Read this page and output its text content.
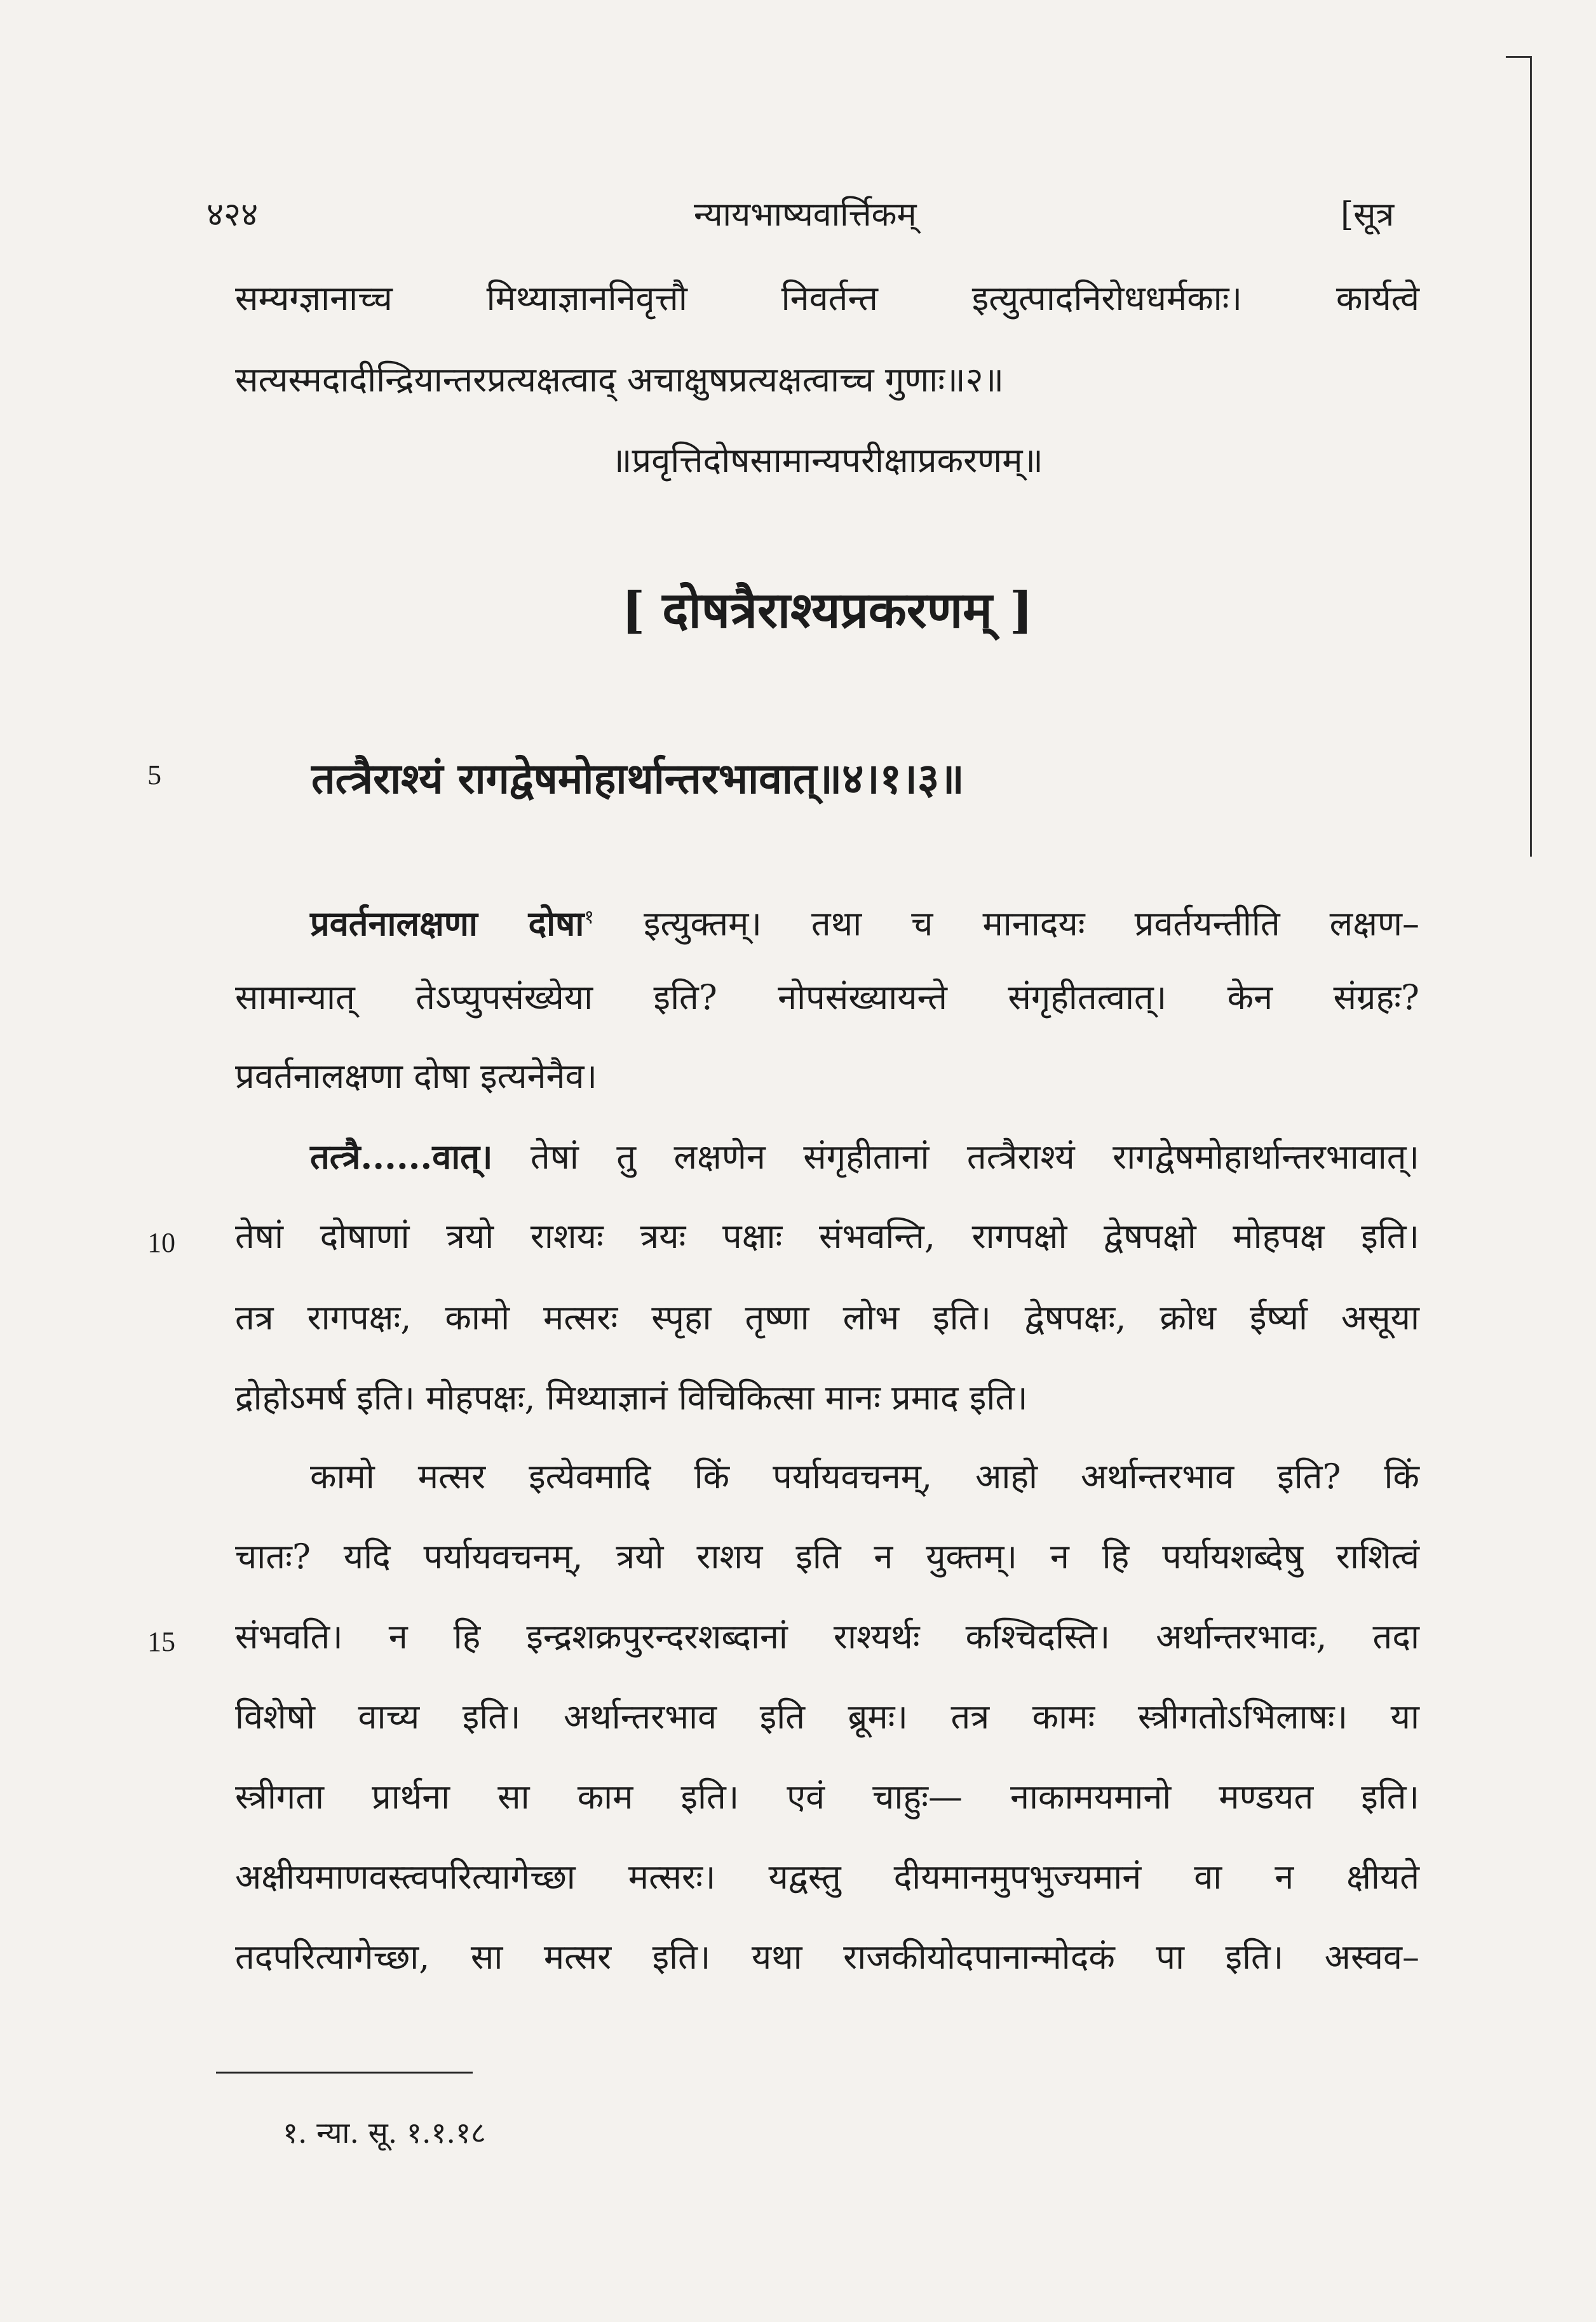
४२४	न्यायभाष्यवार्त्तिकम्	[सूत्र
सम्यग्ज्ञानाच्च मिथ्याज्ञाननिवृत्तौ निवर्तन्त इत्युत्पादनिरोधधर्मकाः। कार्यत्वे
सत्यस्मदादीन्द्रियान्तरप्रत्यक्षत्वाद् अचाक्षुषप्रत्यक्षत्वाच्च गुणाः॥२॥
॥प्रवृत्तिदोषसामान्यपरीक्षाप्रकरणम्॥
[ दोषत्रैराश्यप्रकरणम् ]
5	तत्त्रैराश्यं रागद्वेषमोहार्थान्तरभावात्॥४।१।३॥
प्रवर्तनालक्षणा दोषा$^१$ इत्युक्तम्। तथा च मानादयः प्रवर्तयन्तीति लक्षण–
सामान्यात् तेऽप्युपसंख्येया इति? नोपसंख्यायन्ते संगृहीतत्वात्। केन संग्रहः?
प्रवर्तनालक्षणा दोषा इत्यनेनैव।
तत्त्रै......वात्। तेषां तु लक्षणेन संगृहीतानां तत्त्रैराश्यं रागद्वेषमोहार्थान्तरभावात्।
10 तेषां दोषाणां त्रयो राशयः त्रयः पक्षाः संभवन्ति, रागपक्षो द्वेषपक्षो मोहपक्ष इति।
तत्र रागपक्षः, कामो मत्सरः स्पृहा तृष्णा लोभ इति। द्वेषपक्षः, क्रोध ईर्ष्या असूया
द्रोहोऽमर्ष इति। मोहपक्षः, मिथ्याज्ञानं विचिकित्सा मानः प्रमाद इति।
कामो मत्सर इत्येवमादि किं पर्यायवचनम्, आहो अर्थान्तरभाव इति? किं
चातः? यदि पर्यायवचनम्, त्रयो राशय इति न युक्तम्। न हि पर्यायशब्देषु राशित्वं
15 संभवति। न हि इन्द्रशक्रपुरन्दरशब्दानां राश्यर्थः कश्चिदस्ति। अर्थान्तरभावः, तदा
विशेषो वाच्य इति। अर्थान्तरभाव इति ब्रूमः। तत्र कामः स्त्रीगतोऽभिलाषः। या
स्त्रीगता प्रार्थना सा काम इति। एवं चाहुः— नाकामयमानो मण्डयत इति।
अक्षीयमाणवस्त्वपरित्यागेच्छा मत्सरः। यद्वस्तु दीयमानमुपभुज्यमानं वा न क्षीयते
तदपरित्यागेच्छा, सा मत्सर इति। यथा राजकीयोदपानान्मोदकं पा इति। अस्वव–
१. न्या. सू. १.१.१८
